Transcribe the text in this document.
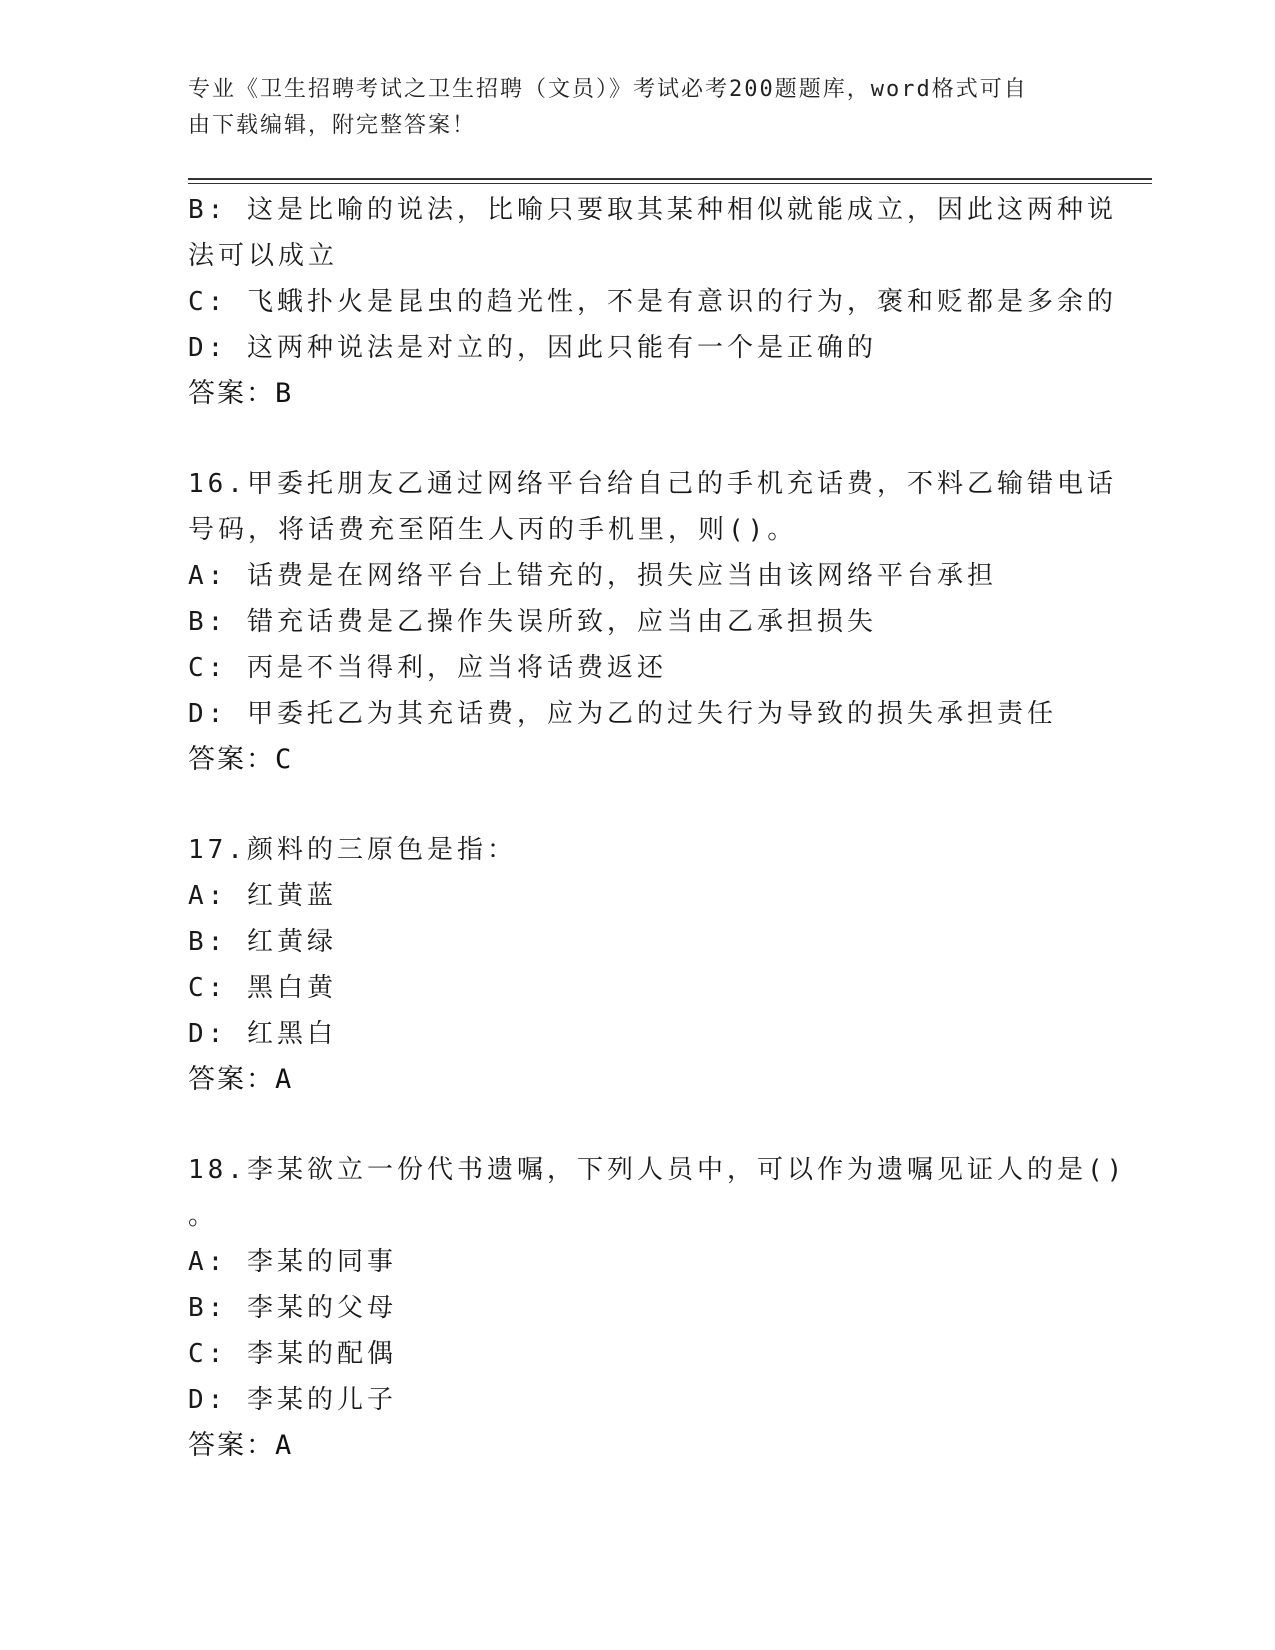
专业《卫生招聘考试之卫生招聘（文员）》考试必考200题题库，word格式可自
由下载编辑，附完整答案！
B: 这是比喻的说法，比喻只要取其某种相似就能成立，因此这两种说
法可以成立
C: 飞蛾扑火是昆虫的趋光性，不是有意识的行为，褒和贬都是多余的
D: 这两种说法是对立的，因此只能有一个是正确的
答案：B
16.甲委托朋友乙通过网络平台给自己的手机充话费，不料乙输错电话
号码，将话费充至陌生人丙的手机里，则()。
A: 话费是在网络平台上错充的，损失应当由该网络平台承担
B: 错充话费是乙操作失误所致，应当由乙承担损失
C: 丙是不当得利，应当将话费返还
D: 甲委托乙为其充话费，应为乙的过失行为导致的损失承担责任
答案：C
17.颜料的三原色是指：
A: 红黄蓝
B: 红黄绿
C: 黑白黄
D: 红黑白
答案：A
18.李某欲立一份代书遗嘱，下列人员中，可以作为遗嘱见证人的是()
。
A: 李某的同事
B: 李某的父母
C: 李某的配偶
D: 李某的儿子
答案：A
